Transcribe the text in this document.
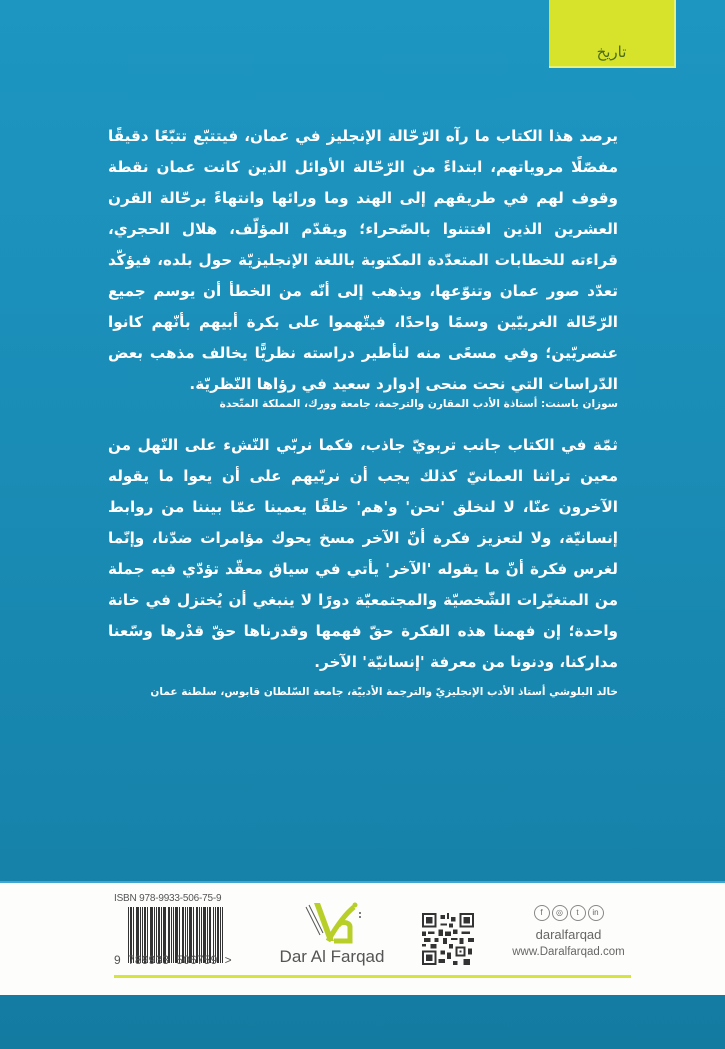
تاريخ

يرصد هذا الكتاب ما رآه الرّحّالة الإنجليز في عمان، فيتتبّع تتبّعًا دقيقًا مفصّلًا مروياتهم، ابتداءً من الرّحّالة الأوائل الذين كانت عمان نقطة وقوف لهم في طريقهم إلى الهند وما ورائها وانتهاءً برحّالة القرن العشرين الذين افتتنوا بالصّحراء؛ ويقدّم المؤلّف، هلال الحجري، قراءته للخطابات المتعدّدة المكتوبة باللغة الإنجليزيّة حول بلده، فيؤكّد تعدّد صور عمان وتنوّعها، ويذهب إلى أنّه من الخطأ أن يوسم جميع الرّحّالة الغربيّين وسمًا واحدًا، فيتّهموا على بكرة أبيهم بأنّهم كانوا عنصريّين؛ وفي مسعًى منه لتأطير دراسته نظريًّا يخالف مذهب بعض الدّراسات التي نحت منحى إدوارد سعيد في رؤاها النّظريّة.

سوزان باسنت: أستاذة الأدب المقارن والترجمة، جامعة وورك، المملكة المتّحدة

ثمّة في الكتاب جانب تربويّ جاذب، فكما نربّي النّشء على النّهل من معين تراثنا العمانيّ كذلك يجب أن نربّيهم على أن يعوا ما يقوله الآخرون عنّا، لا لنخلق 'نحن' و'هم' خلقًا يعمينا عمّا بيننا من روابط إنسانيّة، ولا لتعزيز فكرة أنّ الآخر مسخ يحوك مؤامرات ضدّنا، وإنّما لغرس فكرة أنّ ما يقوله 'الآخر' يأتي في سياق معقّد تؤدّي فيه جملة من المتغيّرات الشّخصيّة والمجتمعيّة دورًا لا ينبغي أن يُختزل في خانة واحدة؛ إن فهمنا هذه الفكرة حقّ فهمها وقدرناها حقّ قدْرها وسّعنا مداركنا، ودنونا من معرفة 'إنسانيّة' الآخر.

خالد البلوشي أستاذ الأدب الإنجليزيّ والترجمة الأدبيّة، جامعة السّلطان قابوس، سلطنة عمان
ISBN 978-9933-506-75-9
9  789933  506759  >	Dar Al Farqad
f	◎	t	in
daralfarqad
www.Daralfarqad.com
